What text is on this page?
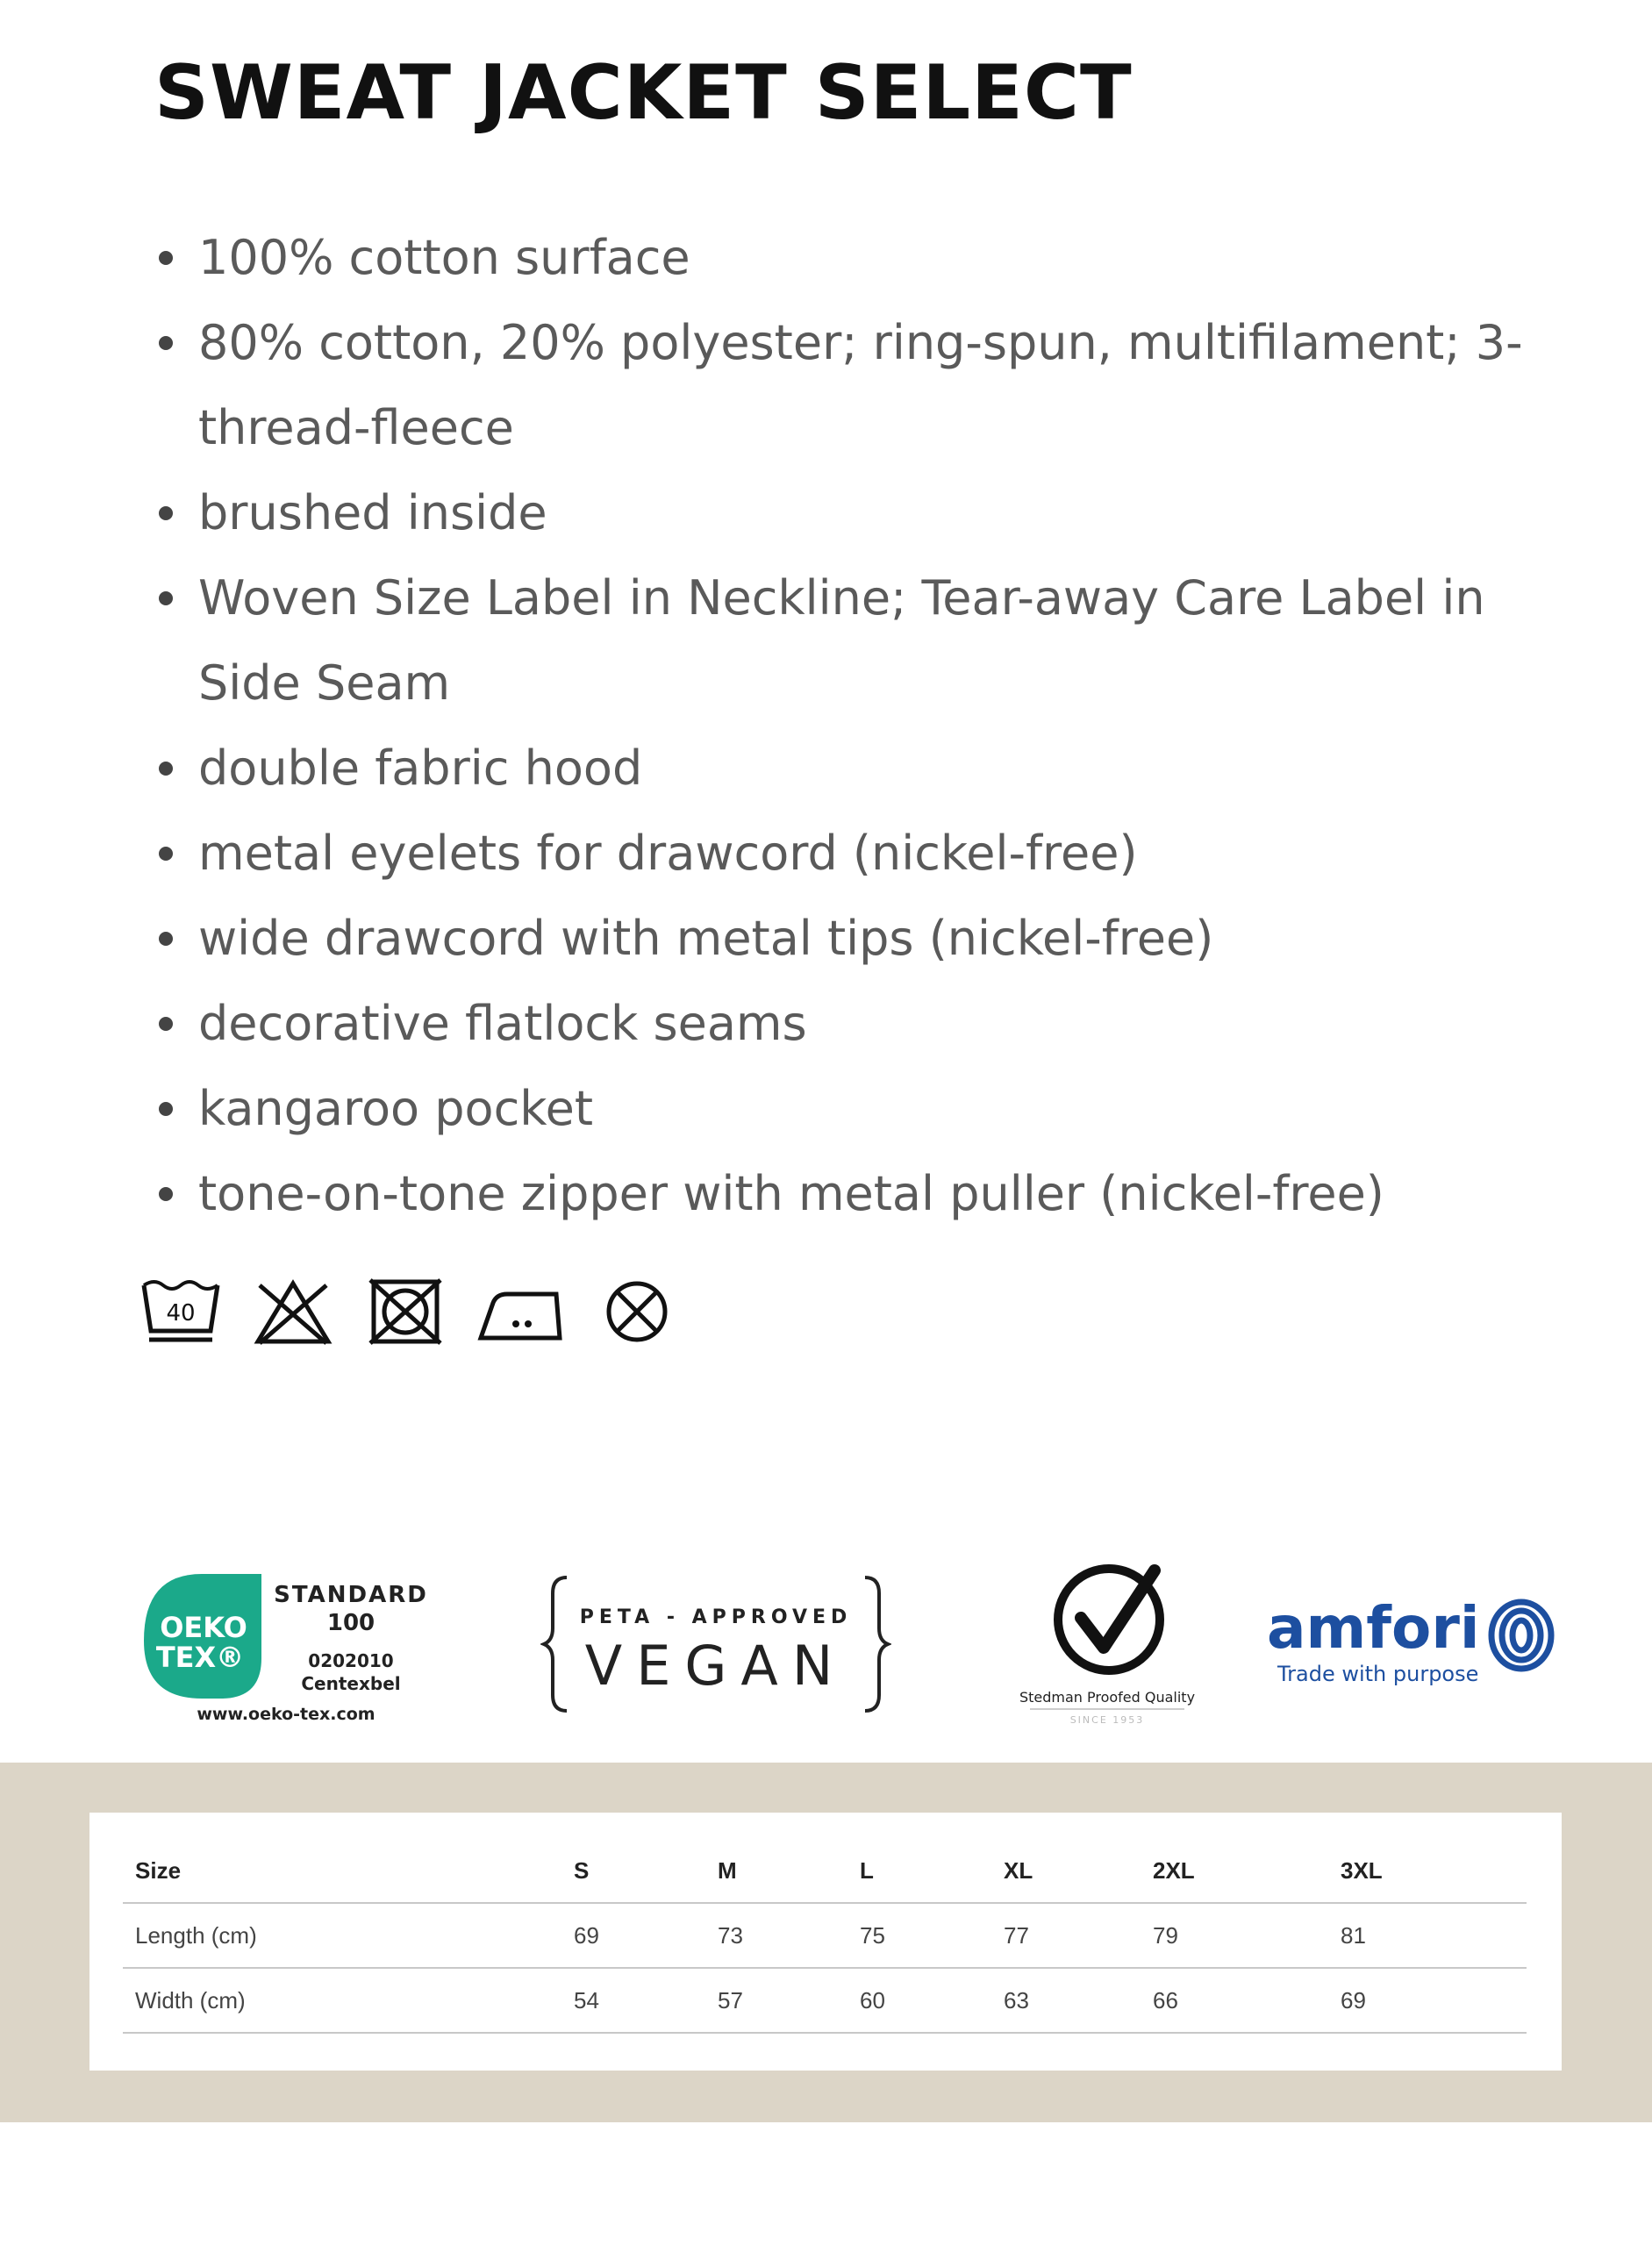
SWEAT JACKET SELECT
100% cotton surface
80% cotton, 20% polyester; ring-spun, multifilament; 3-thread-fleece
brushed inside
Woven Size Label in Neckline; Tear-away Care Label in Side Seam
double fabric hood
metal eyelets for drawcord (nickel-free)
wide drawcord with metal tips (nickel-free)
decorative flatlock seams
kangaroo pocket
tone-on-tone zipper with metal puller (nickel-free)
40
OEKO
TEX®
STANDARD
100
0202010
Centexbel
www.oeko-tex.com
PETA - APPROVED
VEGAN	Stedman Proofed Quality
SINCE 1953
amfori
Trade with purpose
Size	S	M	L	XL	2XL	3XL
Length (cm)	69	73	75	77	79	81
Width (cm)	54	57	60	63	66	69
